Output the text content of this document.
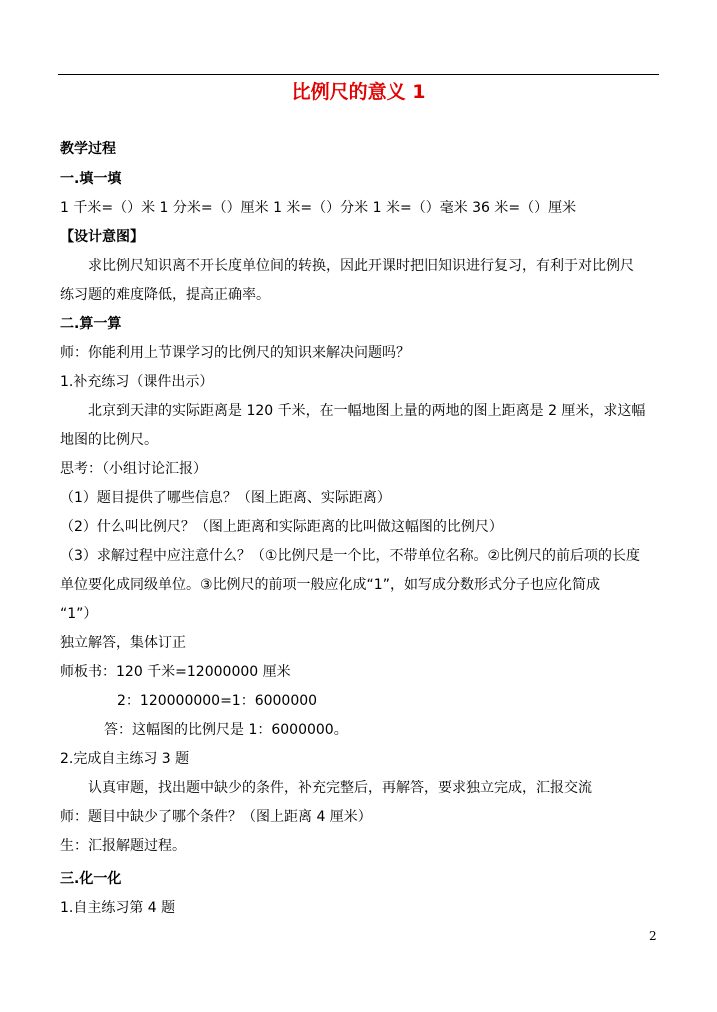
比例尺的意义 1
教学过程
一.填一填
1 千米=（）米 1 分米=（）厘米 1 米=（）分米 1 米=（）毫米 36 米=（）厘米
【设计意图】
求比例尺知识离不开长度单位间的转换，因此开课时把旧知识进行复习，有利于对比例尺
练习题的难度降低，提高正确率。
二.算一算
师：你能利用上节课学习的比例尺的知识来解决问题吗？
1.补充练习（课件出示）
北京到天津的实际距离是 120 千米，在一幅地图上量的两地的图上距离是 2 厘米，求这幅
地图的比例尺。
思考：（小组讨论汇报）
（1）题目提供了哪些信息？（图上距离、实际距离）
（2）什么叫比例尺？（图上距离和实际距离的比叫做这幅图的比例尺）
（3）求解过程中应注意什么？（①比例尺是一个比，不带单位名称。②比例尺的前后项的长度
单位要化成同级单位。③比例尺的前项一般应化成“1”，如写成分数形式分子也应化简成
“1”）
独立解答，集体订正
师板书：120 千米=12000000 厘米
2：120000000=1：6000000
答：这幅图的比例尺是 1：6000000。
2.完成自主练习 3 题
认真审题，找出题中缺少的条件，补充完整后，再解答，要求独立完成，汇报交流
师：题目中缺少了哪个条件？（图上距离 4 厘米）
生：汇报解题过程。
三.化一化
1.自主练习第 4 题
2
